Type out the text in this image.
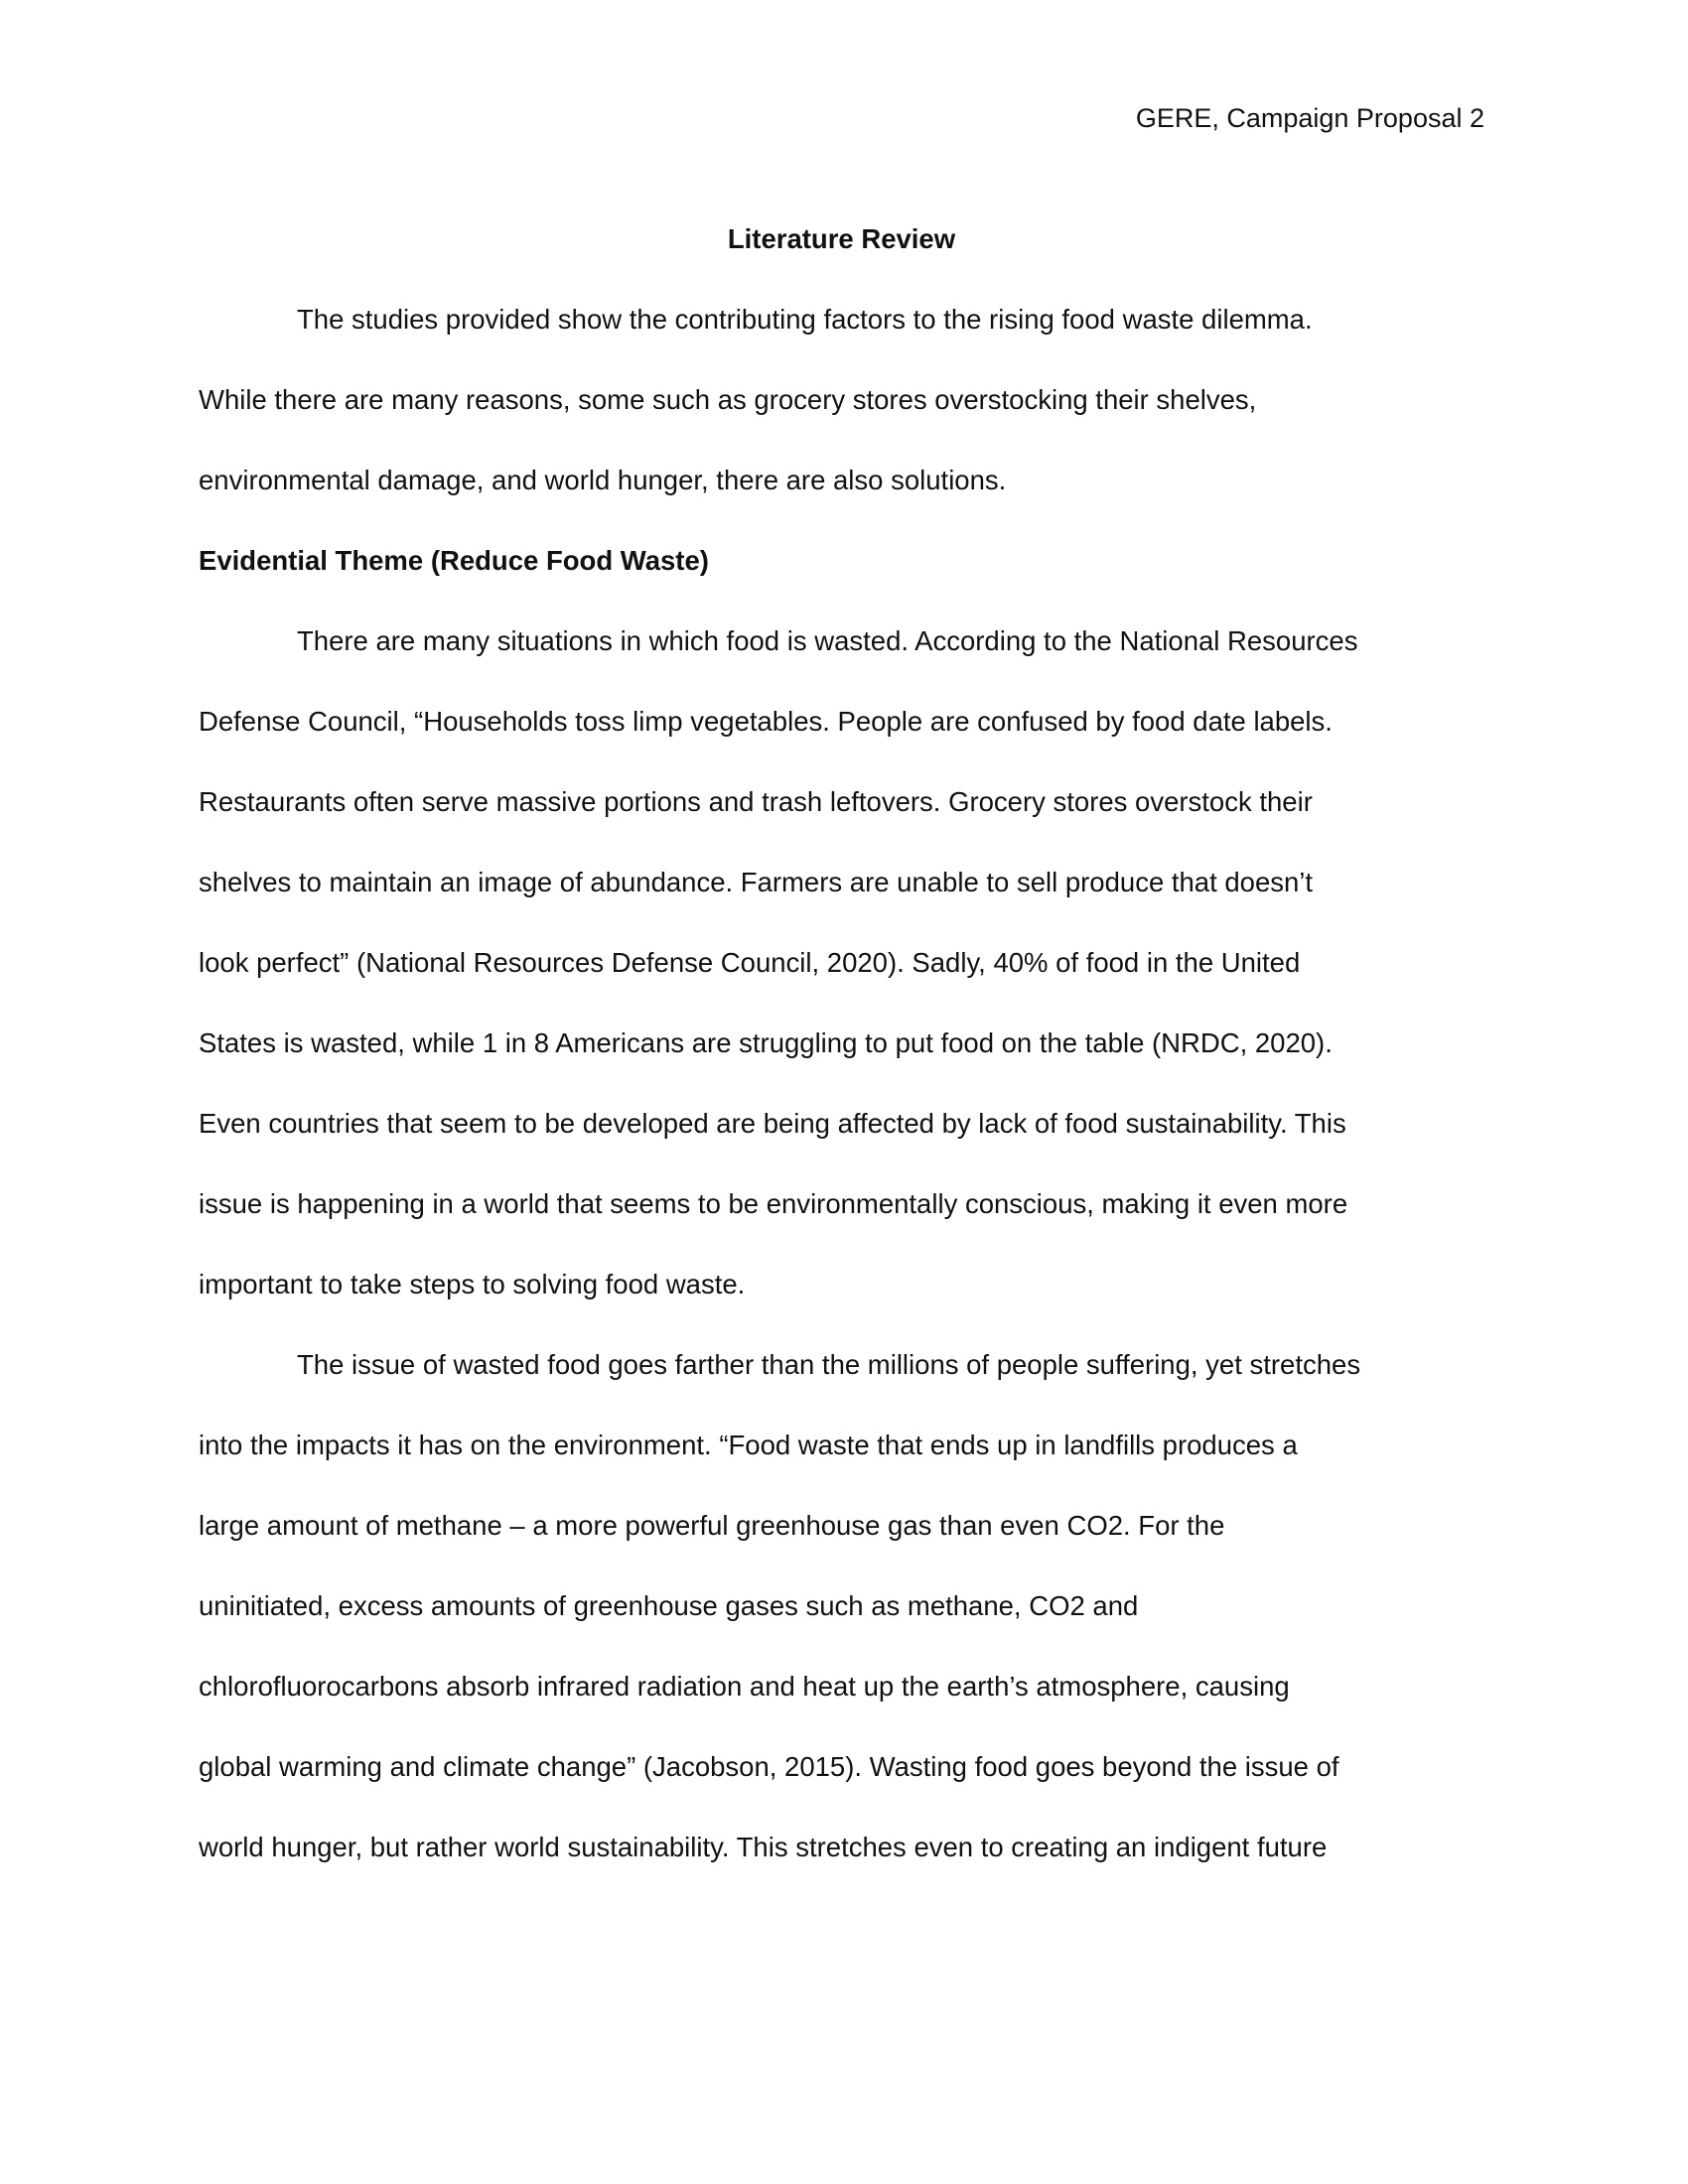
GERE, Campaign Proposal 2
Literature Review

The studies provided show the contributing factors to the rising food waste dilemma.
While there are many reasons, some such as grocery stores overstocking their shelves,
environmental damage, and world hunger, there are also solutions.

Evidential Theme (Reduce Food Waste)

There are many situations in which food is wasted. According to the National Resources
Defense Council, “Households toss limp vegetables. People are confused by food date labels.
Restaurants often serve massive portions and trash leftovers. Grocery stores overstock their
shelves to maintain an image of abundance. Farmers are unable to sell produce that doesn’t
look perfect” (National Resources Defense Council, 2020). Sadly, 40% of food in the United
States is wasted, while 1 in 8 Americans are struggling to put food on the table (NRDC, 2020).
Even countries that seem to be developed are being affected by lack of food sustainability. This
issue is happening in a world that seems to be environmentally conscious, making it even more
important to take steps to solving food waste.

The issue of wasted food goes farther than the millions of people suffering, yet stretches
into the impacts it has on the environment. “Food waste that ends up in landfills produces a
large amount of methane – a more powerful greenhouse gas than even CO2. For the
uninitiated, excess amounts of greenhouse gases such as methane, CO2 and
chlorofluorocarbons absorb infrared radiation and heat up the earth’s atmosphere, causing
global warming and climate change” (Jacobson, 2015). Wasting food goes beyond the issue of
world hunger, but rather world sustainability. This stretches even to creating an indigent future
